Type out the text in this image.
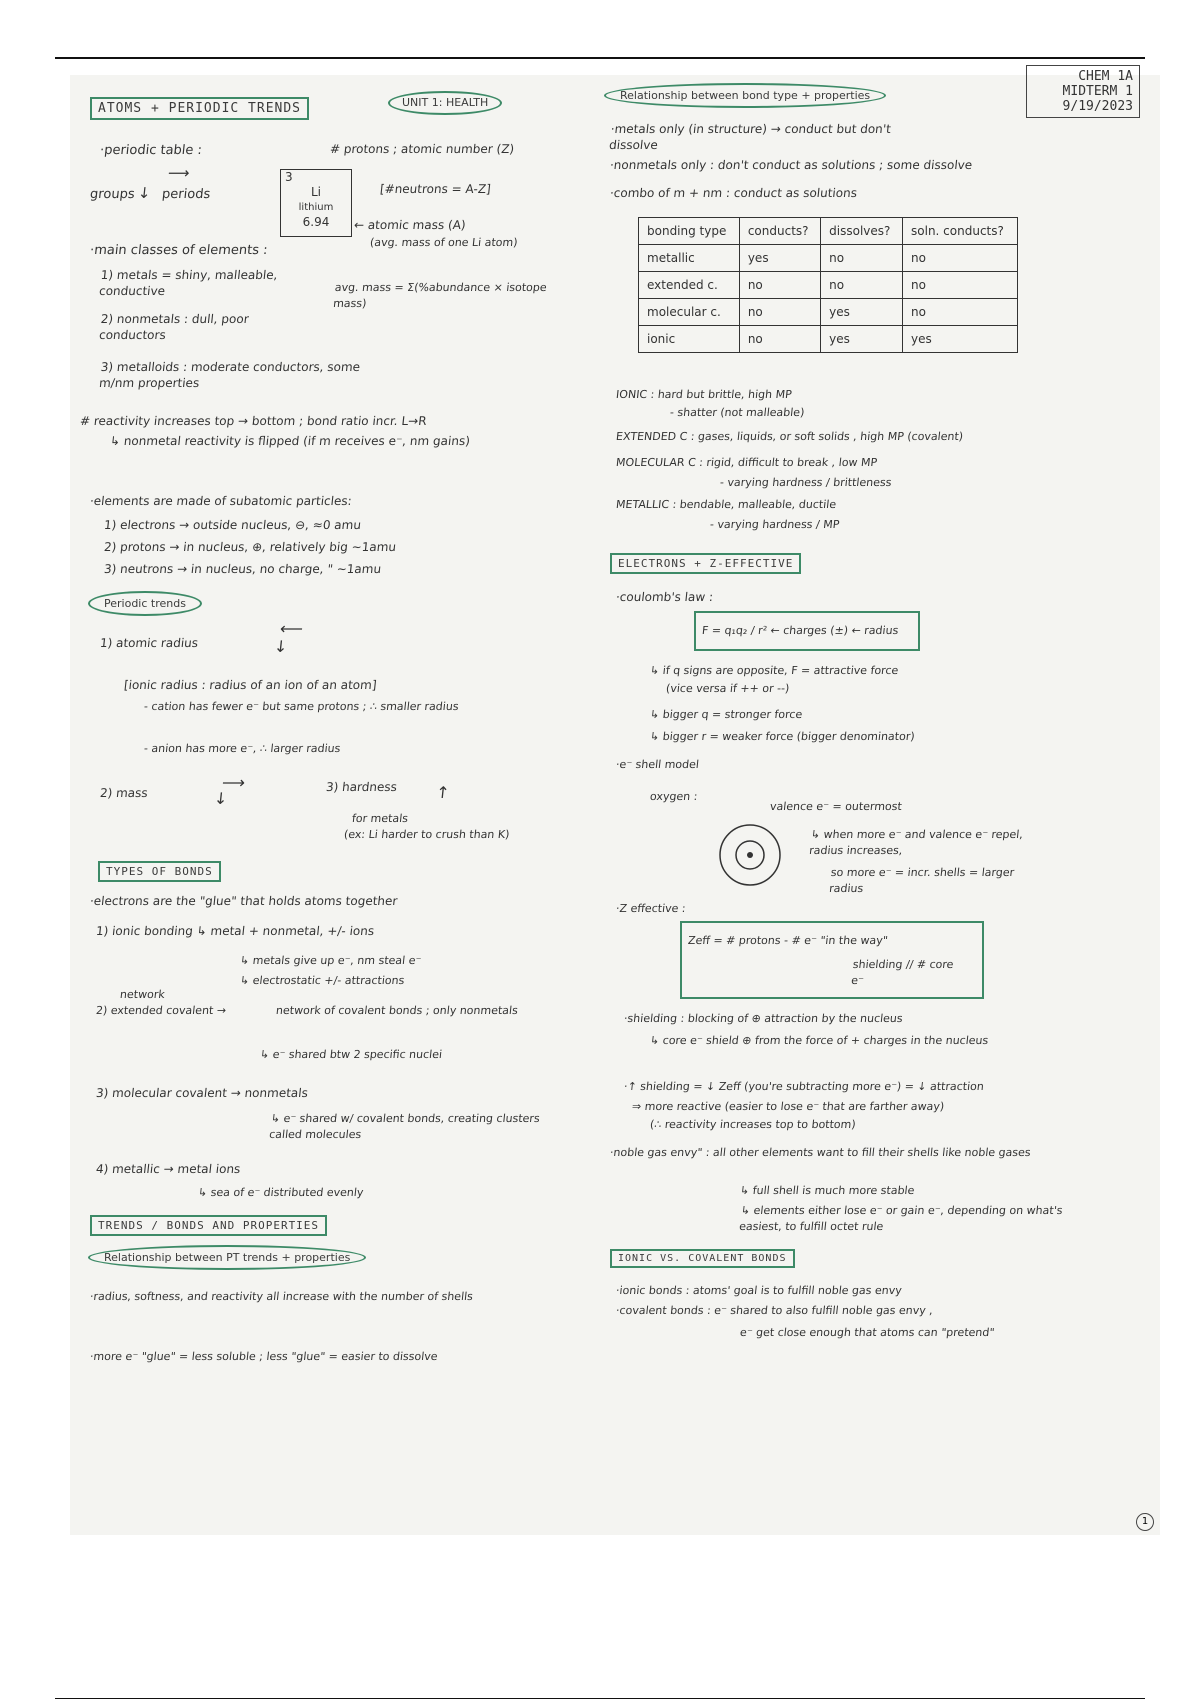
UNIT 1: HEALTH
CHEM 1A
MIDTERM 1
9/19/2023
ATOMS + PERIODIC TRENDS
·periodic table :
groups periods
⟶
↓
# protons ; atomic number (Z)
3
Li
lithium
6.94
[#neutrons = A-Z]
← atomic mass (A)
(avg. mass of one Li atom)
avg. mass = Σ(%abundance × isotope mass)
·main classes of elements :
1) metals = shiny, malleable, conductive
2) nonmetals : dull, poor conductors
3) metalloids : moderate conductors, some m/nm properties
# reactivity increases top → bottom ; bond ratio incr. L→R
↳ nonmetal reactivity is flipped (if m receives e⁻, nm gains)
·elements are made of subatomic particles:
1) electrons → outside nucleus, ⊖, ≈0 amu
2) protons → in nucleus, ⊕, relatively big ~1amu
3) neutrons → in nucleus, no charge, " ~1amu
Periodic trends
1) atomic radius
⟵
↓
[ionic radius : radius of an ion of an atom]
- cation has fewer e⁻ but same protons ; ∴ smaller radius
- anion has more e⁻, ∴ larger radius
2) mass
⟶
↓
3) hardness ↑
for metals
(ex: Li harder to crush than K)
TYPES OF BONDS
·electrons are the "glue" that holds atoms together
1) ionic bonding ↳ metal + nonmetal, +/- ions
↳ metals give up e⁻, nm steal e⁻
↳ electrostatic +/- attractions
network
2) extended covalent →	network of covalent bonds ; only nonmetals
↳ e⁻ shared btw 2 specific nuclei
3) molecular covalent → nonmetals
↳ e⁻ shared w/ covalent bonds, creating clusters called molecules
4) metallic → metal ions
↳ sea of e⁻ distributed evenly
TRENDS / BONDS AND PROPERTIES
Relationship between PT trends + properties
·radius, softness, and reactivity all increase with the number of shells
·more e⁻ "glue" = less soluble ; less "glue" = easier to dissolve
Relationship between bond type + properties
·metals only (in structure) → conduct but don't dissolve
·nonmetals only : don't conduct as solutions ; some dissolve
·combo of m + nm : conduct as solutions
bonding type	conducts?	dissolves?	soln. conducts?
metallic	yes	no	no
extended c.	no	no	no
molecular c.	no	yes	no
ionic	no	yes	yes
IONIC : hard but brittle, high MP
- shatter (not malleable)
EXTENDED C : gases, liquids, or soft solids , high MP (covalent)
MOLECULAR C : rigid, difficult to break , low MP
- varying hardness / brittleness
METALLIC : bendable, malleable, ductile
- varying hardness / MP
ELECTRONS + Z-EFFECTIVE
·coulomb's law :
F = q₁q₂ / r² ← charges (±) ← radius
↳ if q signs are opposite, F = attractive force
(vice versa if ++ or --)
↳ bigger q = stronger force
↳ bigger r = weaker force (bigger denominator)
·e⁻ shell model
oxygen :
valence e⁻ = outermost
↳ when more e⁻ and valence e⁻ repel, radius increases,
so more e⁻ = incr. shells = larger radius
·Z effective :
Zeff = # protons - # e⁻ "in the way"
shielding // # core e⁻
·shielding : blocking of ⊕ attraction by the nucleus
↳ core e⁻ shield ⊕ from the force of + charges in the nucleus
·↑ shielding = ↓ Zeff (you're subtracting more e⁻) = ↓ attraction
⇒ more reactive (easier to lose e⁻ that are farther away)
(∴ reactivity increases top to bottom)
·noble gas envy" : all other elements want to fill their shells like noble gases
↳ full shell is much more stable
↳ elements either lose e⁻ or gain e⁻, depending on what's easiest, to fulfill octet rule
IONIC VS. COVALENT BONDS
·ionic bonds : atoms' goal is to fulfill noble gas envy
·covalent bonds : e⁻ shared to also fulfill noble gas envy ,
e⁻ get close enough that atoms can "pretend"
1
